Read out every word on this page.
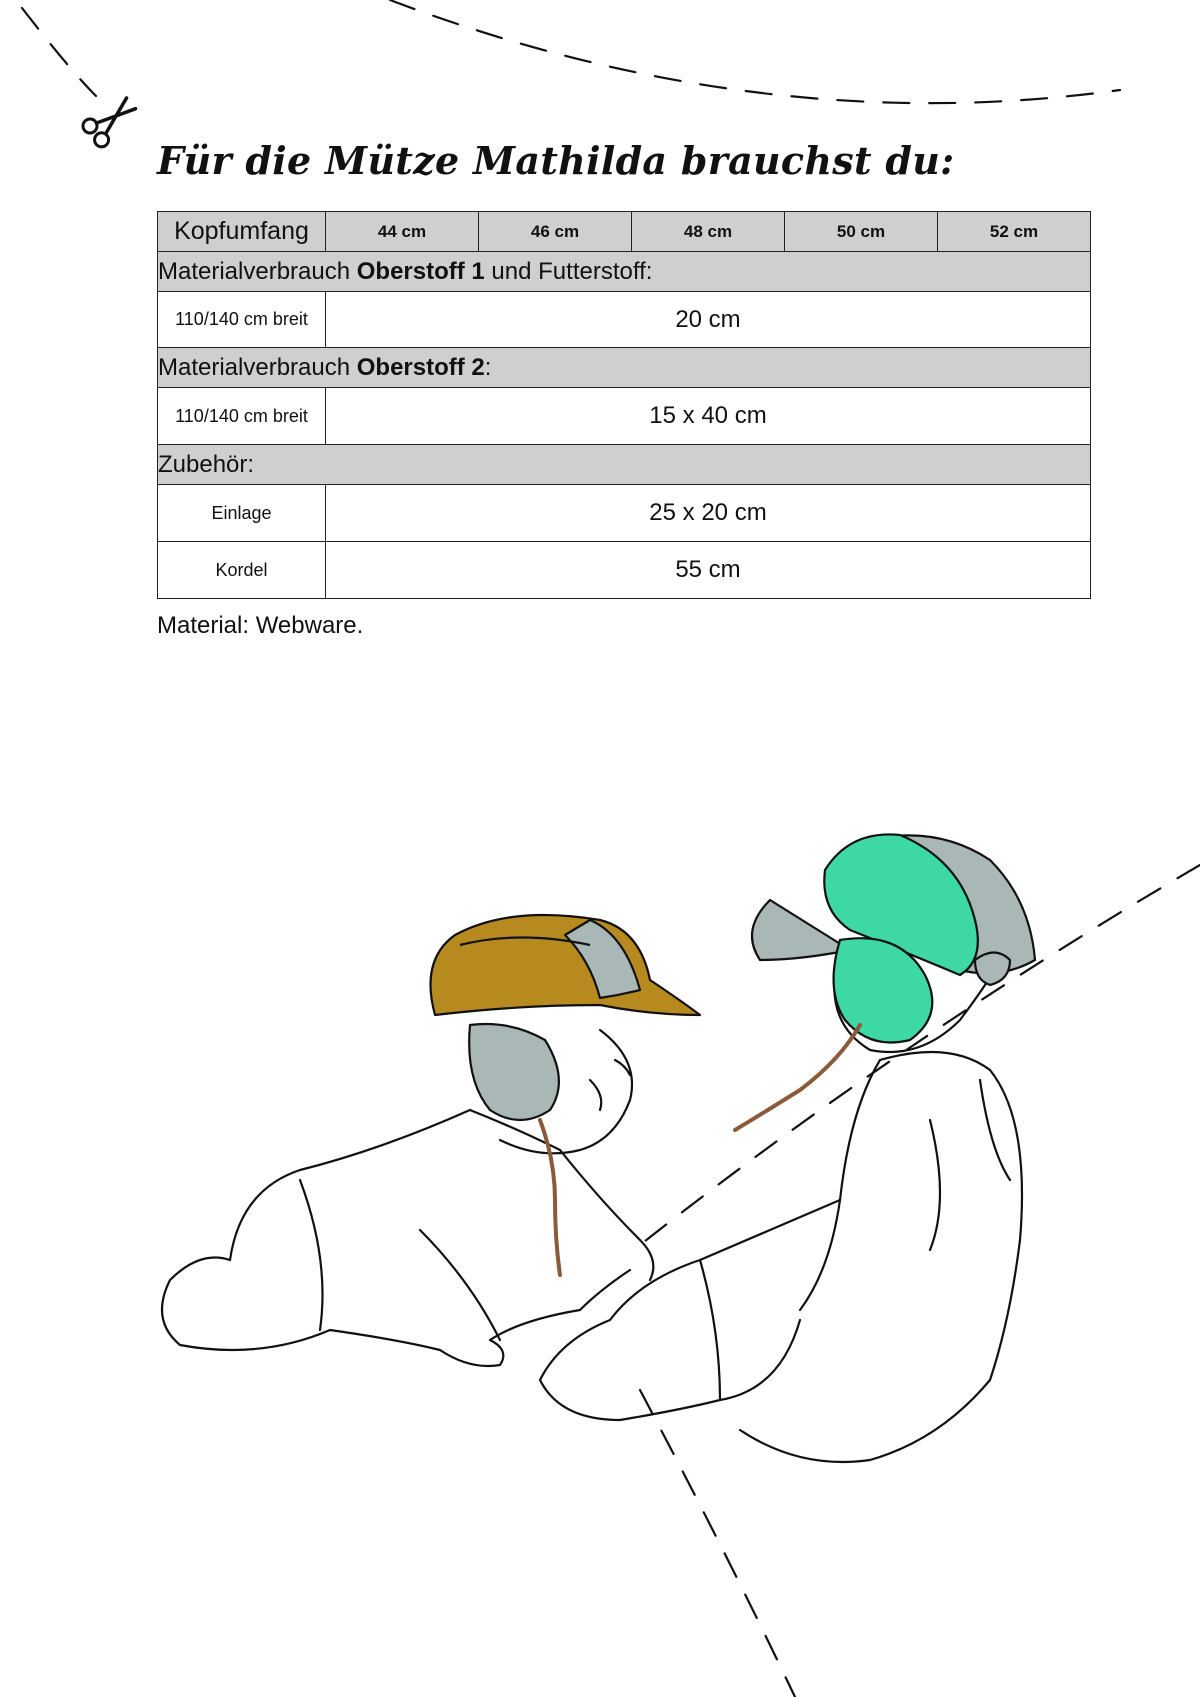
Für die Mütze Mathilda brauchst du:
Kopfumfang	44 cm	46 cm	48 cm	50 cm	52 cm
Materialverbrauch Oberstoff 1 und Futterstoff:					
110/140 cm breit	20 cm				
Materialverbrauch Oberstoff 2:					
110/140 cm breit	15 x 40 cm				
Zubehör:					
Einlage	25 x 20 cm				
Kordel	55 cm				

Material: Webware.
